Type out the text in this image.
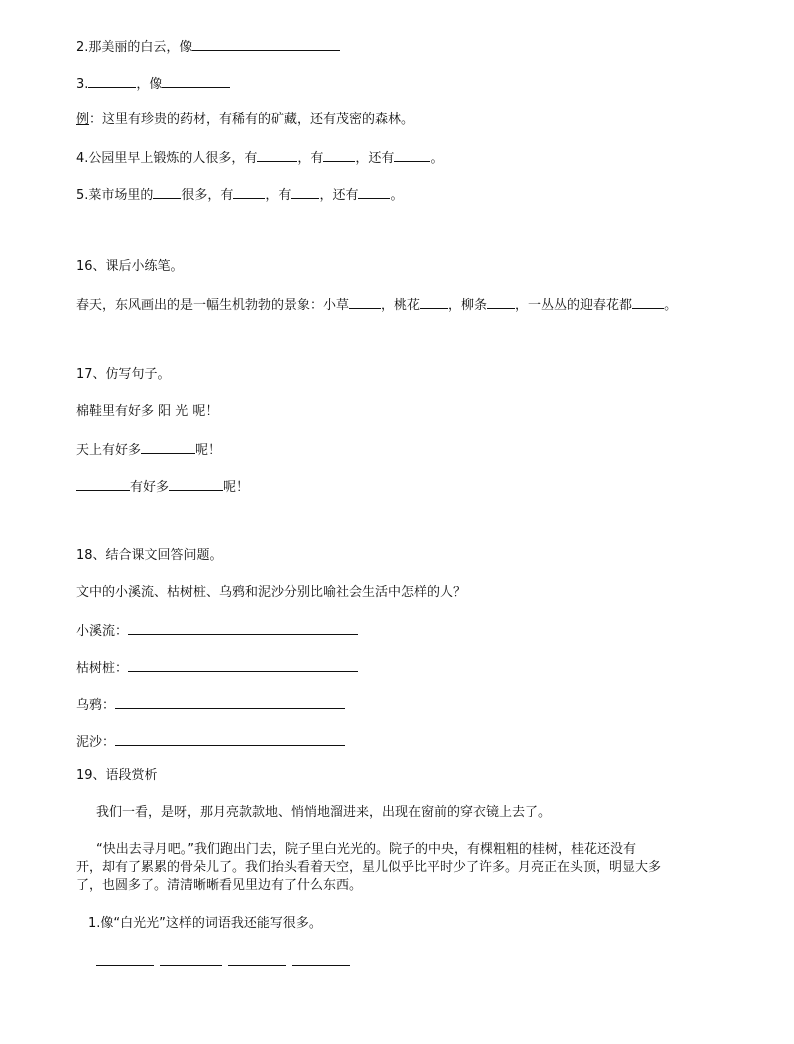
2.那美丽的白云，像
3.	，像
例：这里有珍贵的药材，有稀有的矿藏，还有茂密的森林。
4.公园里早上锻炼的人很多，有	，有 ，还有	。
5.菜市场里的 很多，有 ，有 ，还有 。
16、课后小练笔。
春天，东风画出的是一幅生机勃勃的景象：小草 ，桃花 ，柳条 ，一丛丛的迎春花都 。
17、仿写句子。
棉鞋里有好多 阳 光 呢！
天上有好多	呢！
有好多	呢！
18、结合课文回答问题。
文中的小溪流、枯树桩、乌鸦和泥沙分别比喻社会生活中怎样的人？
小溪流：
枯树桩：
乌鸦：
泥沙：
19、语段赏析
我们一看，是呀，那月亮款款地、悄悄地溜进来，出现在窗前的穿衣镜上去了。
“快出去寻月吧。”我们跑出门去，院子里白光光的。院子的中央，有棵粗粗的桂树，桂花还没有
开，却有了累累的骨朵儿了。我们抬头看着天空，星儿似乎比平时少了许多。月亮正在头顶，明显大多
了，也圆多了。清清晰晰看见里边有了什么东西。
1.像“白光光”这样的词语我还能写很多。
